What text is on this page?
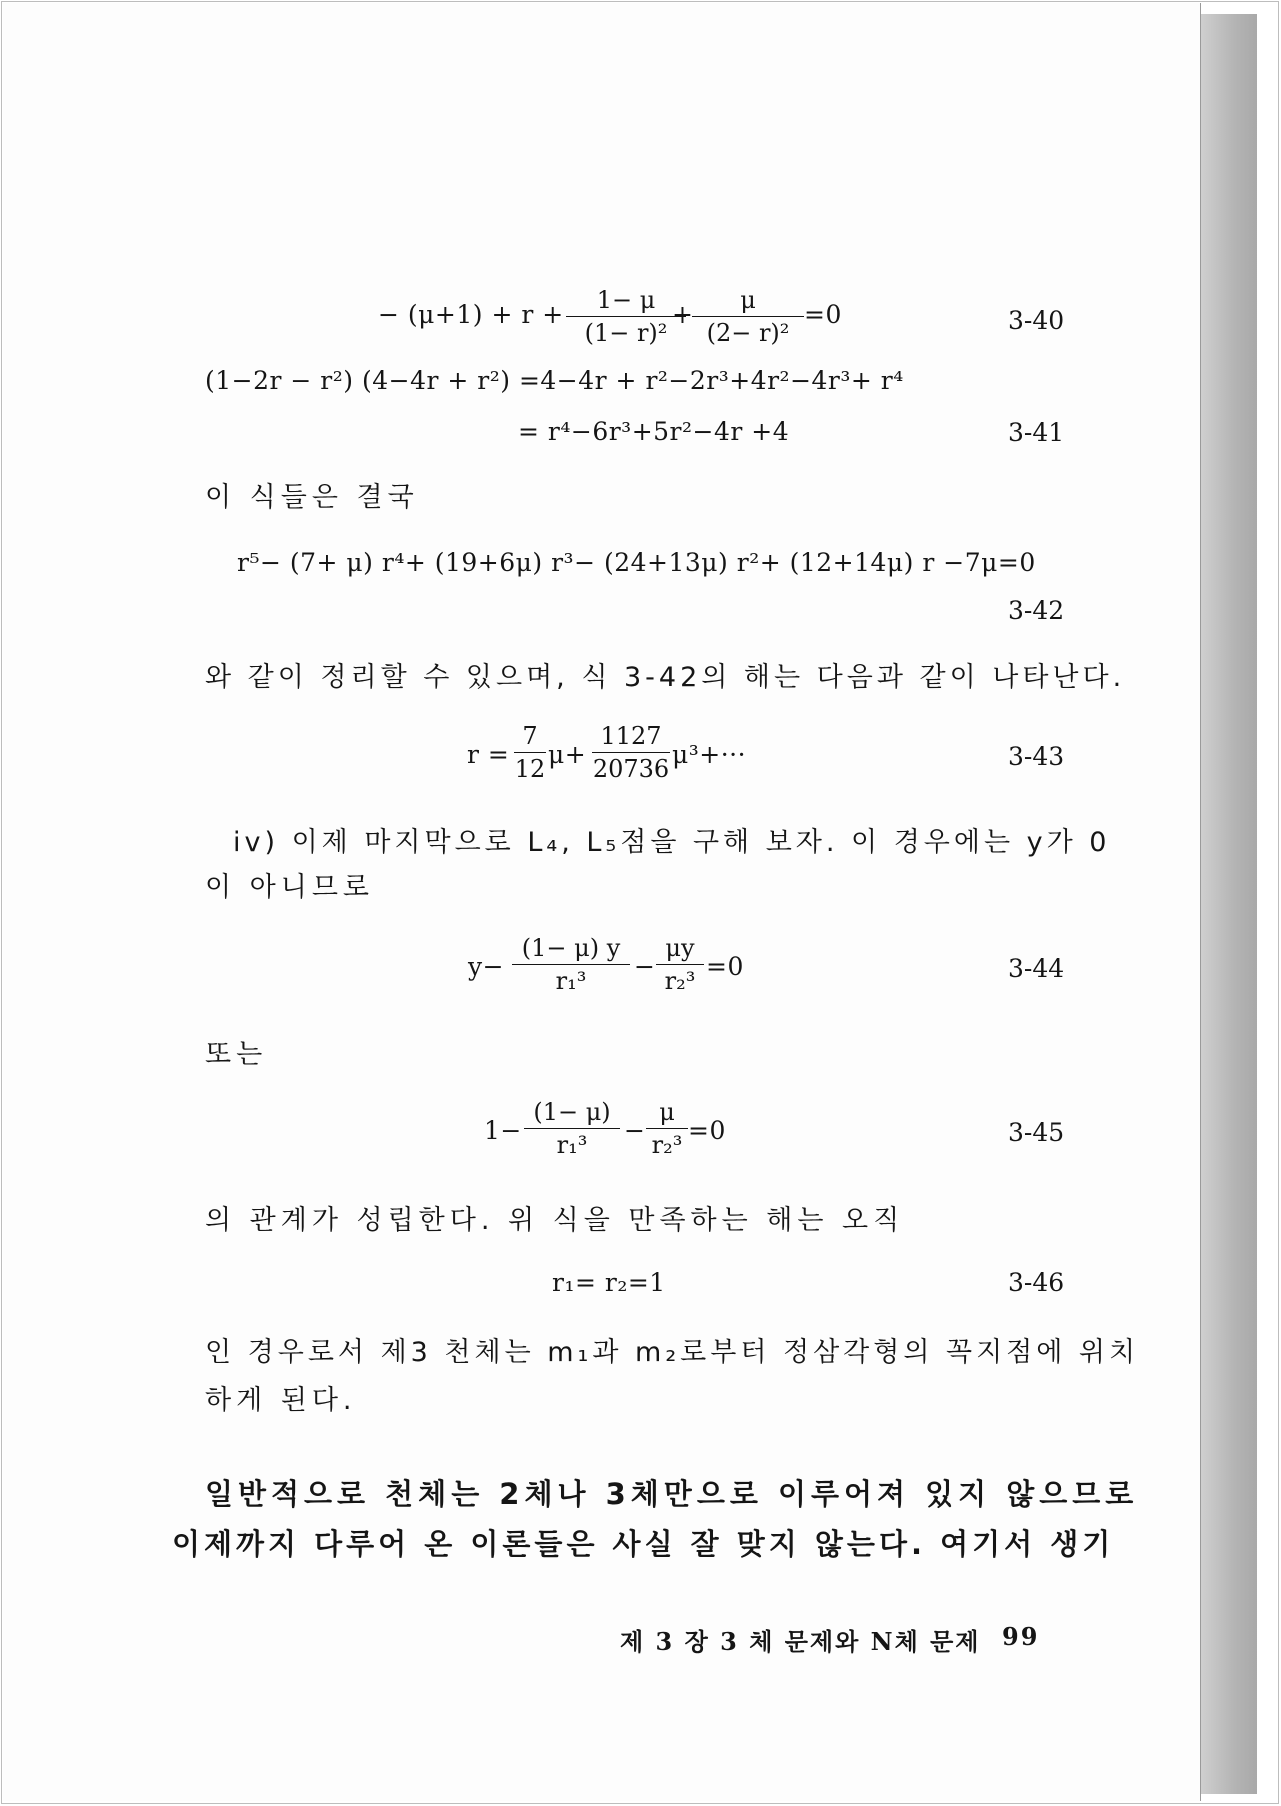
− (μ+1) + r +	1− μ
(1− r)²
+	μ
(2− r)²
=0	3-40
(1−2r − r²) (4−4r + r²) =4−4r + r²−2r³+4r²−4r³+ r⁴
= r⁴−6r³+5r²−4r +4	3-41
이 식들은 결국
r⁵− (7+ μ) r⁴+ (19+6μ) r³− (24+13μ) r²+ (12+14μ) r −7μ=0
3-42
와 같이 정리할 수 있으며, 식 3-42의 해는 다음과 같이 나타난다.
r =
7
12 μ+
1127
20736 μ³+···	3-43
iv) 이제 마지막으로 L₄, L₅점을 구해 보자. 이 경우에는 y가 0
이 아니므로
y−
(1− μ) y
r₁³	−
μy
r₂³ =0	3-44
또는
1−
(1− μ)
r₁³	−
μ
r₂³ =0	3-45
의 관계가 성립한다. 위 식을 만족하는 해는 오직
r₁= r₂=1	3-46
인 경우로서 제3 천체는 m₁과 m₂로부터 정삼각형의 꼭지점에 위치
하게 된다.
일반적으로 천체는 2체나 3체만으로 이루어져 있지 않으므로
이제까지 다루어 온 이론들은 사실 잘 맞지 않는다. 여기서 생기
제 3 장 3 체 문제와 N체 문제 99
